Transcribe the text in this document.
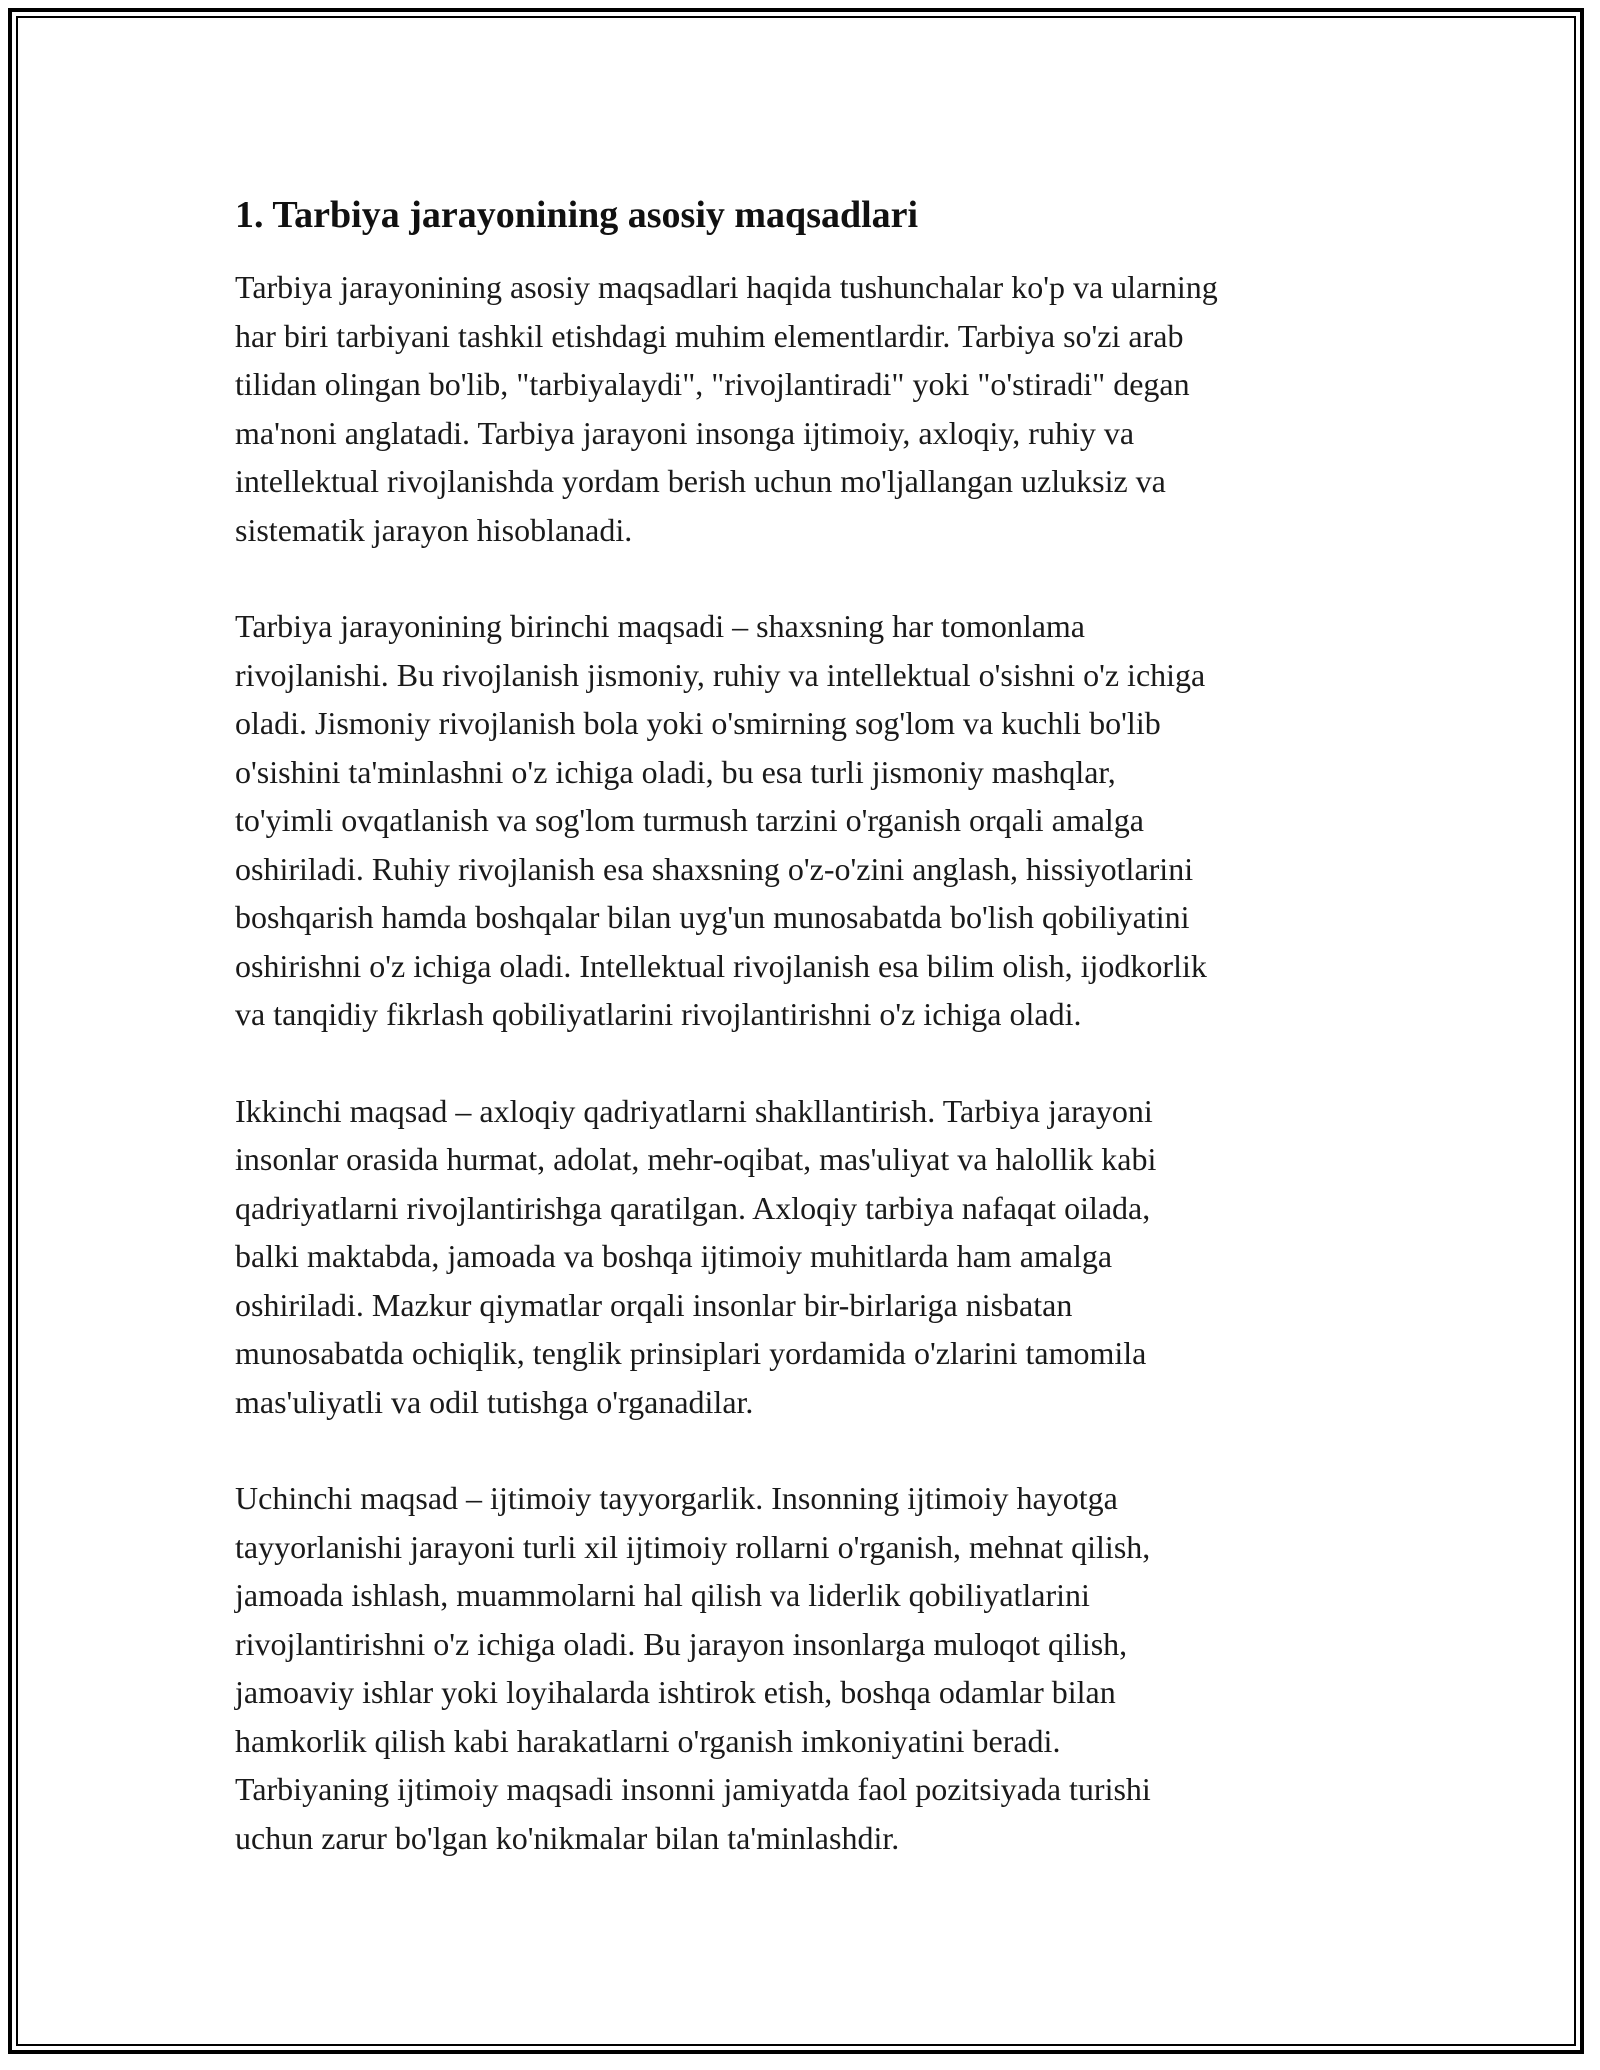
1. Tarbiya jarayonining asosiy maqsadlari

Tarbiya jarayonining asosiy maqsadlari haqida tushunchalar ko'p va ularning
har biri tarbiyani tashkil etishdagi muhim elementlardir. Tarbiya so'zi arab
tilidan olingan bo'lib, "tarbiyalaydi", "rivojlantiradi" yoki "o'stiradi" degan
ma'noni anglatadi. Tarbiya jarayoni insonga ijtimoiy, axloqiy, ruhiy va
intellektual rivojlanishda yordam berish uchun mo'ljallangan uzluksiz va
sistematik jarayon hisoblanadi.

Tarbiya jarayonining birinchi maqsadi – shaxsning har tomonlama
rivojlanishi. Bu rivojlanish jismoniy, ruhiy va intellektual o'sishni o'z ichiga
oladi. Jismoniy rivojlanish bola yoki o'smirning sog'lom va kuchli bo'lib
o'sishini ta'minlashni o'z ichiga oladi, bu esa turli jismoniy mashqlar,
to'yimli ovqatlanish va sog'lom turmush tarzini o'rganish orqali amalga
oshiriladi. Ruhiy rivojlanish esa shaxsning o'z-o'zini anglash, hissiyotlarini
boshqarish hamda boshqalar bilan uyg'un munosabatda bo'lish qobiliyatini
oshirishni o'z ichiga oladi. Intellektual rivojlanish esa bilim olish, ijodkorlik
va tanqidiy fikrlash qobiliyatlarini rivojlantirishni o'z ichiga oladi.

Ikkinchi maqsad – axloqiy qadriyatlarni shakllantirish. Tarbiya jarayoni
insonlar orasida hurmat, adolat, mehr-oqibat, mas'uliyat va halollik kabi
qadriyatlarni rivojlantirishga qaratilgan. Axloqiy tarbiya nafaqat oilada,
balki maktabda, jamoada va boshqa ijtimoiy muhitlarda ham amalga
oshiriladi. Mazkur qiymatlar orqali insonlar bir-birlariga nisbatan
munosabatda ochiqlik, tenglik prinsiplari yordamida o'zlarini tamomila
mas'uliyatli va odil tutishga o'rganadilar.

Uchinchi maqsad – ijtimoiy tayyorgarlik. Insonning ijtimoiy hayotga
tayyorlanishi jarayoni turli xil ijtimoiy rollarni o'rganish, mehnat qilish,
jamoada ishlash, muammolarni hal qilish va liderlik qobiliyatlarini
rivojlantirishni o'z ichiga oladi. Bu jarayon insonlarga muloqot qilish,
jamoaviy ishlar yoki loyihalarda ishtirok etish, boshqa odamlar bilan
hamkorlik qilish kabi harakatlarni o'rganish imkoniyatini beradi.
Tarbiyaning ijtimoiy maqsadi insonni jamiyatda faol pozitsiyada turishi
uchun zarur bo'lgan ko'nikmalar bilan ta'minlashdir.
